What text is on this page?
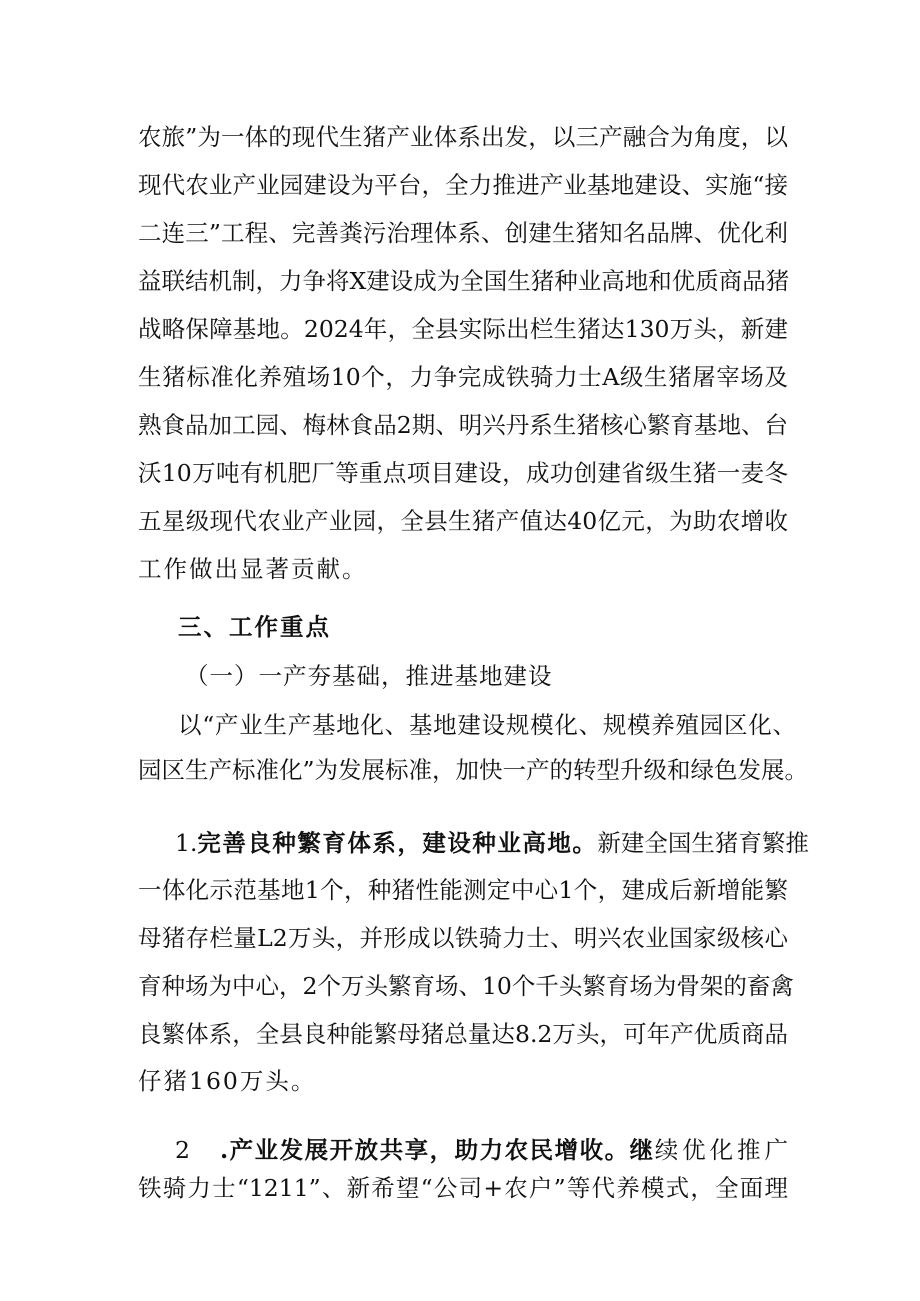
农旅”为一体的现代生猪产业体系出发，以三产融合为角度，以
现代农业产业园建设为平台，全力推进产业基地建设、实施“接
二连三”工程、完善粪污治理体系、创建生猪知名品牌、优化利
益联结机制，力争将X建设成为全国生猪种业高地和优质商品猪
战略保障基地。2024年，全县实际出栏生猪达130万头，新建
生猪标准化养殖场10个，力争完成铁骑力士A级生猪屠宰场及
熟食品加工园、梅林食品2期、明兴丹系生猪核心繁育基地、台
沃10万吨有机肥厂等重点项目建设，成功创建省级生猪一麦冬
五星级现代农业产业园，全县生猪产值达40亿元，为助农增收
工作做出显著贡献。
三、工作重点
（一）一产夯基础，推进基地建设
以“产业生产基地化、基地建设规模化、规模养殖园区化、
园区生产标准化”为发展标准，加快一产的转型升级和绿色发展。
1. 完善良种繁育体系，建设种业高地。 新建全国生猪育繁推
一体化示范基地1个，种猪性能测定中心1个，建成后新增能繁
母猪存栏量L2万头，并形成以铁骑力士、明兴农业国家级核心
育种场为中心，2个万头繁育场、10个千头繁育场为骨架的畜禽
良繁体系，全县良种能繁母猪总量达8.2万头，可年产优质商品
仔猪160万头。
2	.产业发展开放共享，助力农民增收。继 续优化推广
铁骑力士“1211”、新希望“公司+农户”等代养模式，全面理
